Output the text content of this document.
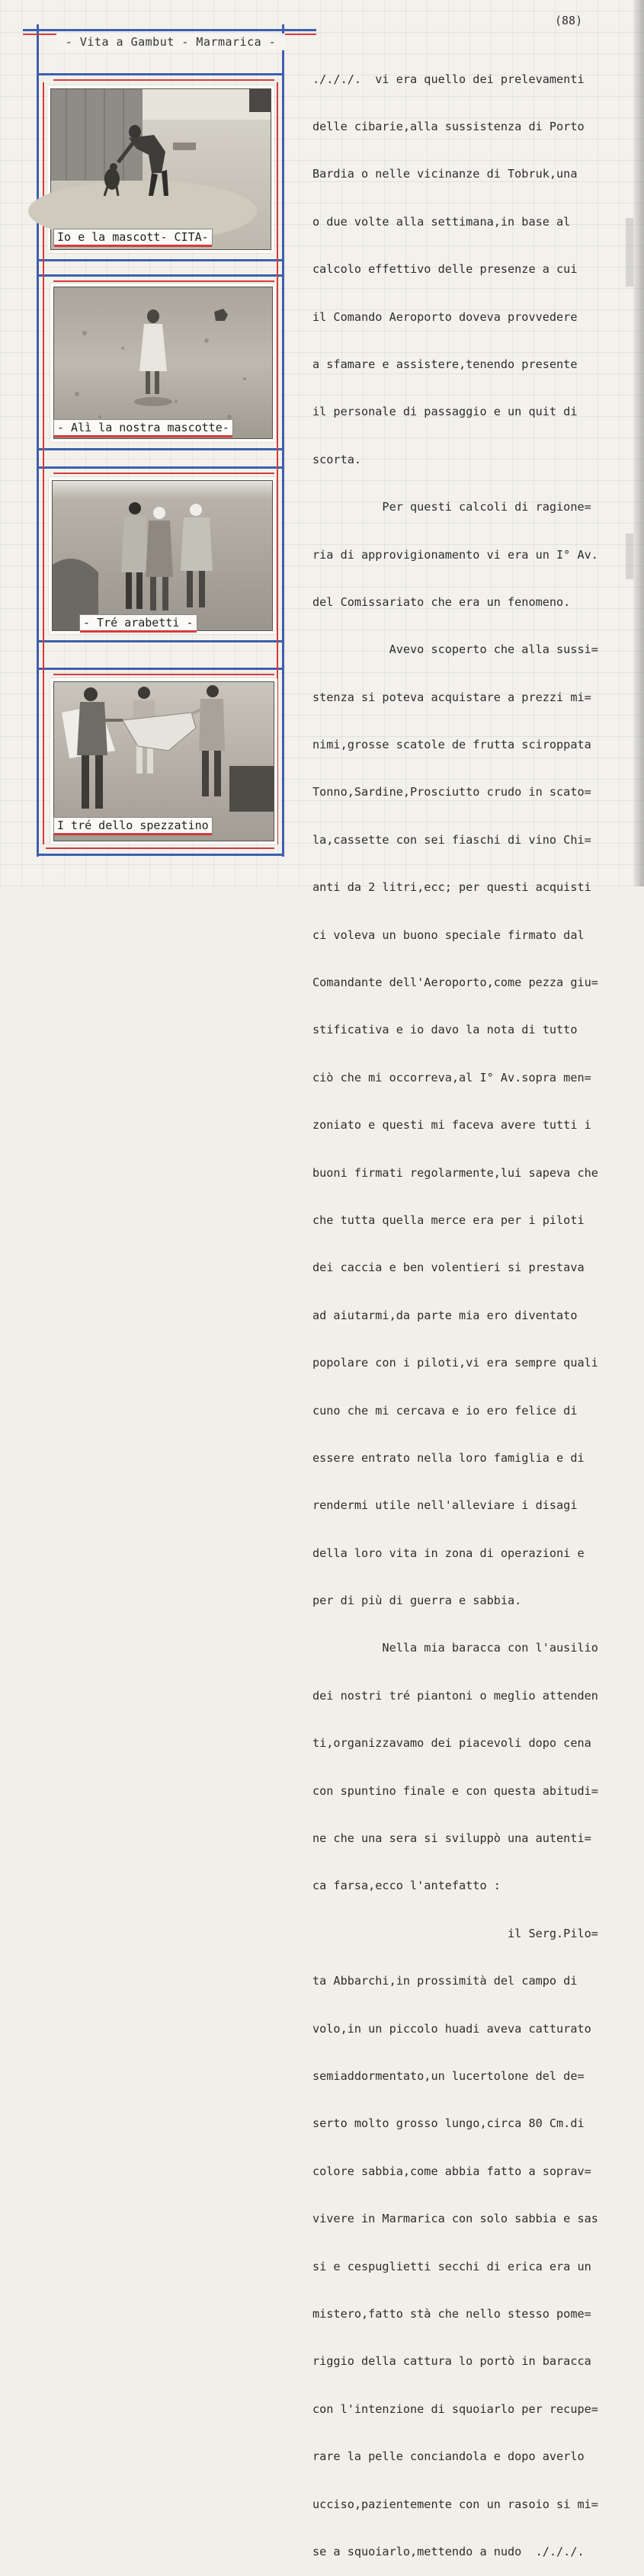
(88)
- Vita a Gambut - Marmarica -
Io e la mascott- CITA-
- Alì la nostra mascotte-
- Tré arabetti -
I tré dello spezzatino

./././.  vi era quello dei prelevamenti

delle cibarie,alla sussistenza di Porto

Bardia o nelle vicinanze di Tobruk,una

o due volte alla settimana,in base al

calcolo effettivo delle presenze a cui

il Comando Aeroporto doveva provvedere

a sfamare e assistere,tenendo presente

il personale di passaggio e un quit di

scorta.

Per questi calcoli di ragione=

ria di approvigionamento vi era un I° Av.

del Comissariato che era un fenomeno.

Avevo scoperto che alla sussi=

stenza si poteva acquistare a prezzi mi=

nimi,grosse scatole de frutta sciroppata

Tonno,Sardine,Prosciutto crudo in scato=

la,cassette con sei fiaschi di vino Chi=

anti da 2 litri,ecc; per questi acquisti

ci voleva un buono speciale firmato dal

Comandante dell'Aeroporto,come pezza giu=

stificativa e io davo la nota di tutto

ciò che mi occorreva,al I° Av.sopra men=

zoniato e questi mi faceva avere tutti i

buoni firmati regolarmente,lui sapeva che

che tutta quella merce era per i piloti

dei caccia e ben volentieri si prestava

ad aiutarmi,da parte mia ero diventato

popolare con i piloti,vi era sempre quali

cuno che mi cercava e io ero felice di

essere entrato nella loro famiglia e di

rendermi utile nell'alleviare i disagi

della loro vita in zona di operazioni e

per di più di guerra e sabbia.

Nella mia baracca con l'ausilio

dei nostri tré piantoni o meglio attenden

ti,organizzavamo dei piacevoli dopo cena

con spuntino finale e con questa abitudi=

ne che una sera si sviluppò una autenti=

ca farsa,ecco l'antefatto :

il Serg.Pilo=

ta Abbarchi,in prossimità del campo di

volo,in un piccolo huadi aveva catturato

semiaddormentato,un lucertolone del de=

serto molto grosso lungo,circa 80 Cm.di

colore sabbia,come abbia fatto a soprav=

vivere in Marmarica con solo sabbia e sas

si e cespuglietti secchi di erica era un

mistero,fatto stà che nello stesso pome=

riggio della cattura lo portò in baracca

con l'intenzione di squoiarlo per recupe=

rare la pelle conciandola e dopo averlo

ucciso,pazientemente con un rasoio si mi=

se a squoiarlo,mettendo a nudo  ./././.
